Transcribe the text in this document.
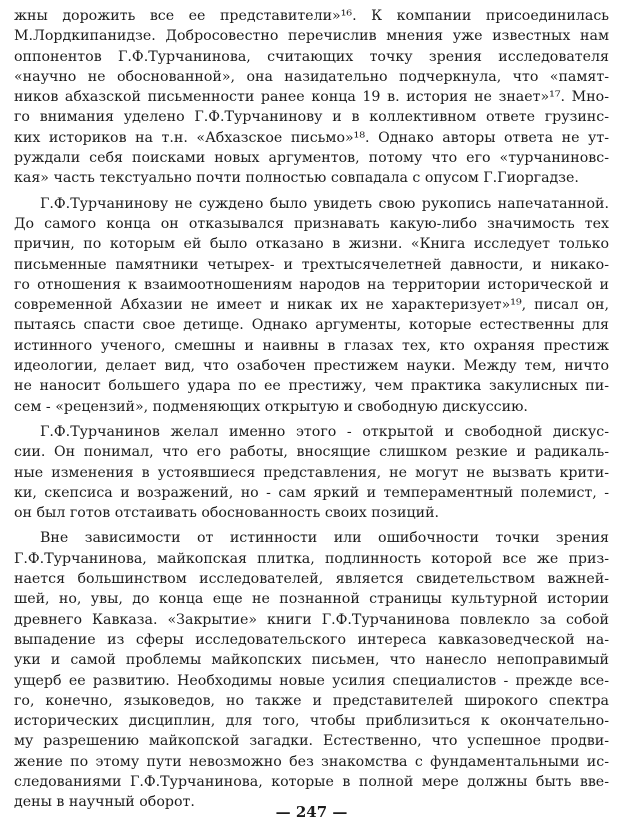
жны дорожить все ее представители»¹⁶. К компании присоединилась
М.Лордкипанидзе. Добросовестно перечислив мнения уже известных нам
оппонентов Г.Ф.Турчанинова, считающих точку зрения исследователя
«научно не обоснованной», она назидательно подчеркнула, что «памят-
ников абхазской письменности ранее конца 19 в. история не знает»¹⁷. Мно-
го внимания уделено Г.Ф.Турчанинову и в коллективном ответе грузинс-
ких историков на т.н. «Абхазское письмо»¹⁸. Однако авторы ответа не ут-
руждали себя поисками новых аргументов, потому что его «турчаниновс-
кая» часть текстуально почти полностью совпадала с опусом Г.Гиоргадзе.
Г.Ф.Турчанинову не суждено было увидеть свою рукопись напечатанной.
До самого конца он отказывался признавать какую-либо значимость тех
причин, по которым ей было отказано в жизни. «Книга исследует только
письменные памятники четырех- и трехтысячелетней давности, и никако-
го отношения к взаимоотношениям народов на территории исторической и
современной Абхазии не имеет и никак их не характеризует»¹⁹, писал он,
пытаясь спасти свое детище. Однако аргументы, которые естественны для
истинного ученого, смешны и наивны в глазах тех, кто охраняя престиж
идеологии, делает вид, что озабочен престижем науки. Между тем, ничто
не наносит большего удара по ее престижу, чем практика закулисных пи-
сем - «рецензий», подменяющих открытую и свободную дискуссию.
Г.Ф.Турчанинов желал именно этого - открытой и свободной дискус-
сии. Он понимал, что его работы, вносящие слишком резкие и радикаль-
ные изменения в устоявшиеся представления, не могут не вызвать крити-
ки, скепсиса и возражений, но - сам яркий и темпераментный полемист, -
он был готов отстаивать обоснованность своих позиций.
Вне зависимости от истинности или ошибочности точки зрения
Г.Ф.Турчанинова, майкопская плитка, подлинность которой все же приз-
нается большинством исследователей, является свидетельством важней-
шей, но, увы, до конца еще не познанной страницы культурной истории
древнего Кавказа. «Закрытие» книги Г.Ф.Турчанинова повлекло за собой
выпадение из сферы исследовательского интереса кавказоведческой на-
уки и самой проблемы майкопских письмен, что нанесло непоправимый
ущерб ее развитию. Необходимы новые усилия специалистов - прежде все-
го, конечно, языковедов, но также и представителей широкого спектра
исторических дисциплин, для того, чтобы приблизиться к окончательно-
му разрешению майкопской загадки. Естественно, что успешное продви-
жение по этому пути невозможно без знакомства с фундаментальными ис-
следованиями Г.Ф.Турчанинова, которые в полной мере должны быть вве-
дены в научный оборот.
— 247 —
